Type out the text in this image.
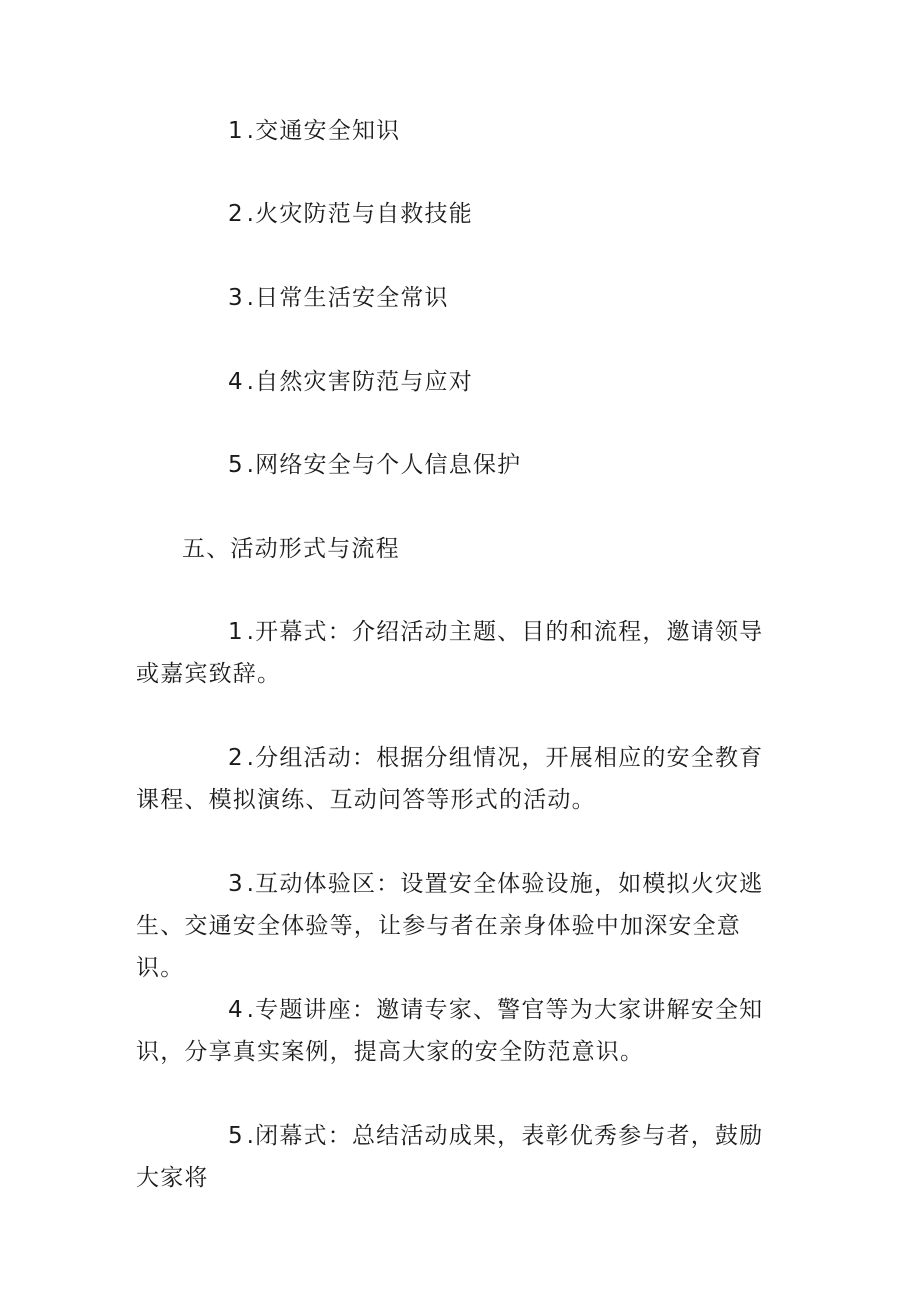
1.交通安全知识

2.火灾防范与自救技能

3.日常生活安全常识

4.自然灾害防范与应对

5.网络安全与个人信息保护

五、活动形式与流程

1.开幕式：介绍活动主题、目的和流程，邀请领导或嘉宾致辞。

2.分组活动：根据分组情况，开展相应的安全教育课程、模拟演练、互动问答等形式的活动。

3.互动体验区：设置安全体验设施，如模拟火灾逃生、交通安全体验等，让参与者在亲身体验中加深安全意识。

4.专题讲座：邀请专家、警官等为大家讲解安全知识，分享真实案例，提高大家的安全防范意识。

5.闭幕式：总结活动成果，表彰优秀参与者，鼓励大家将
